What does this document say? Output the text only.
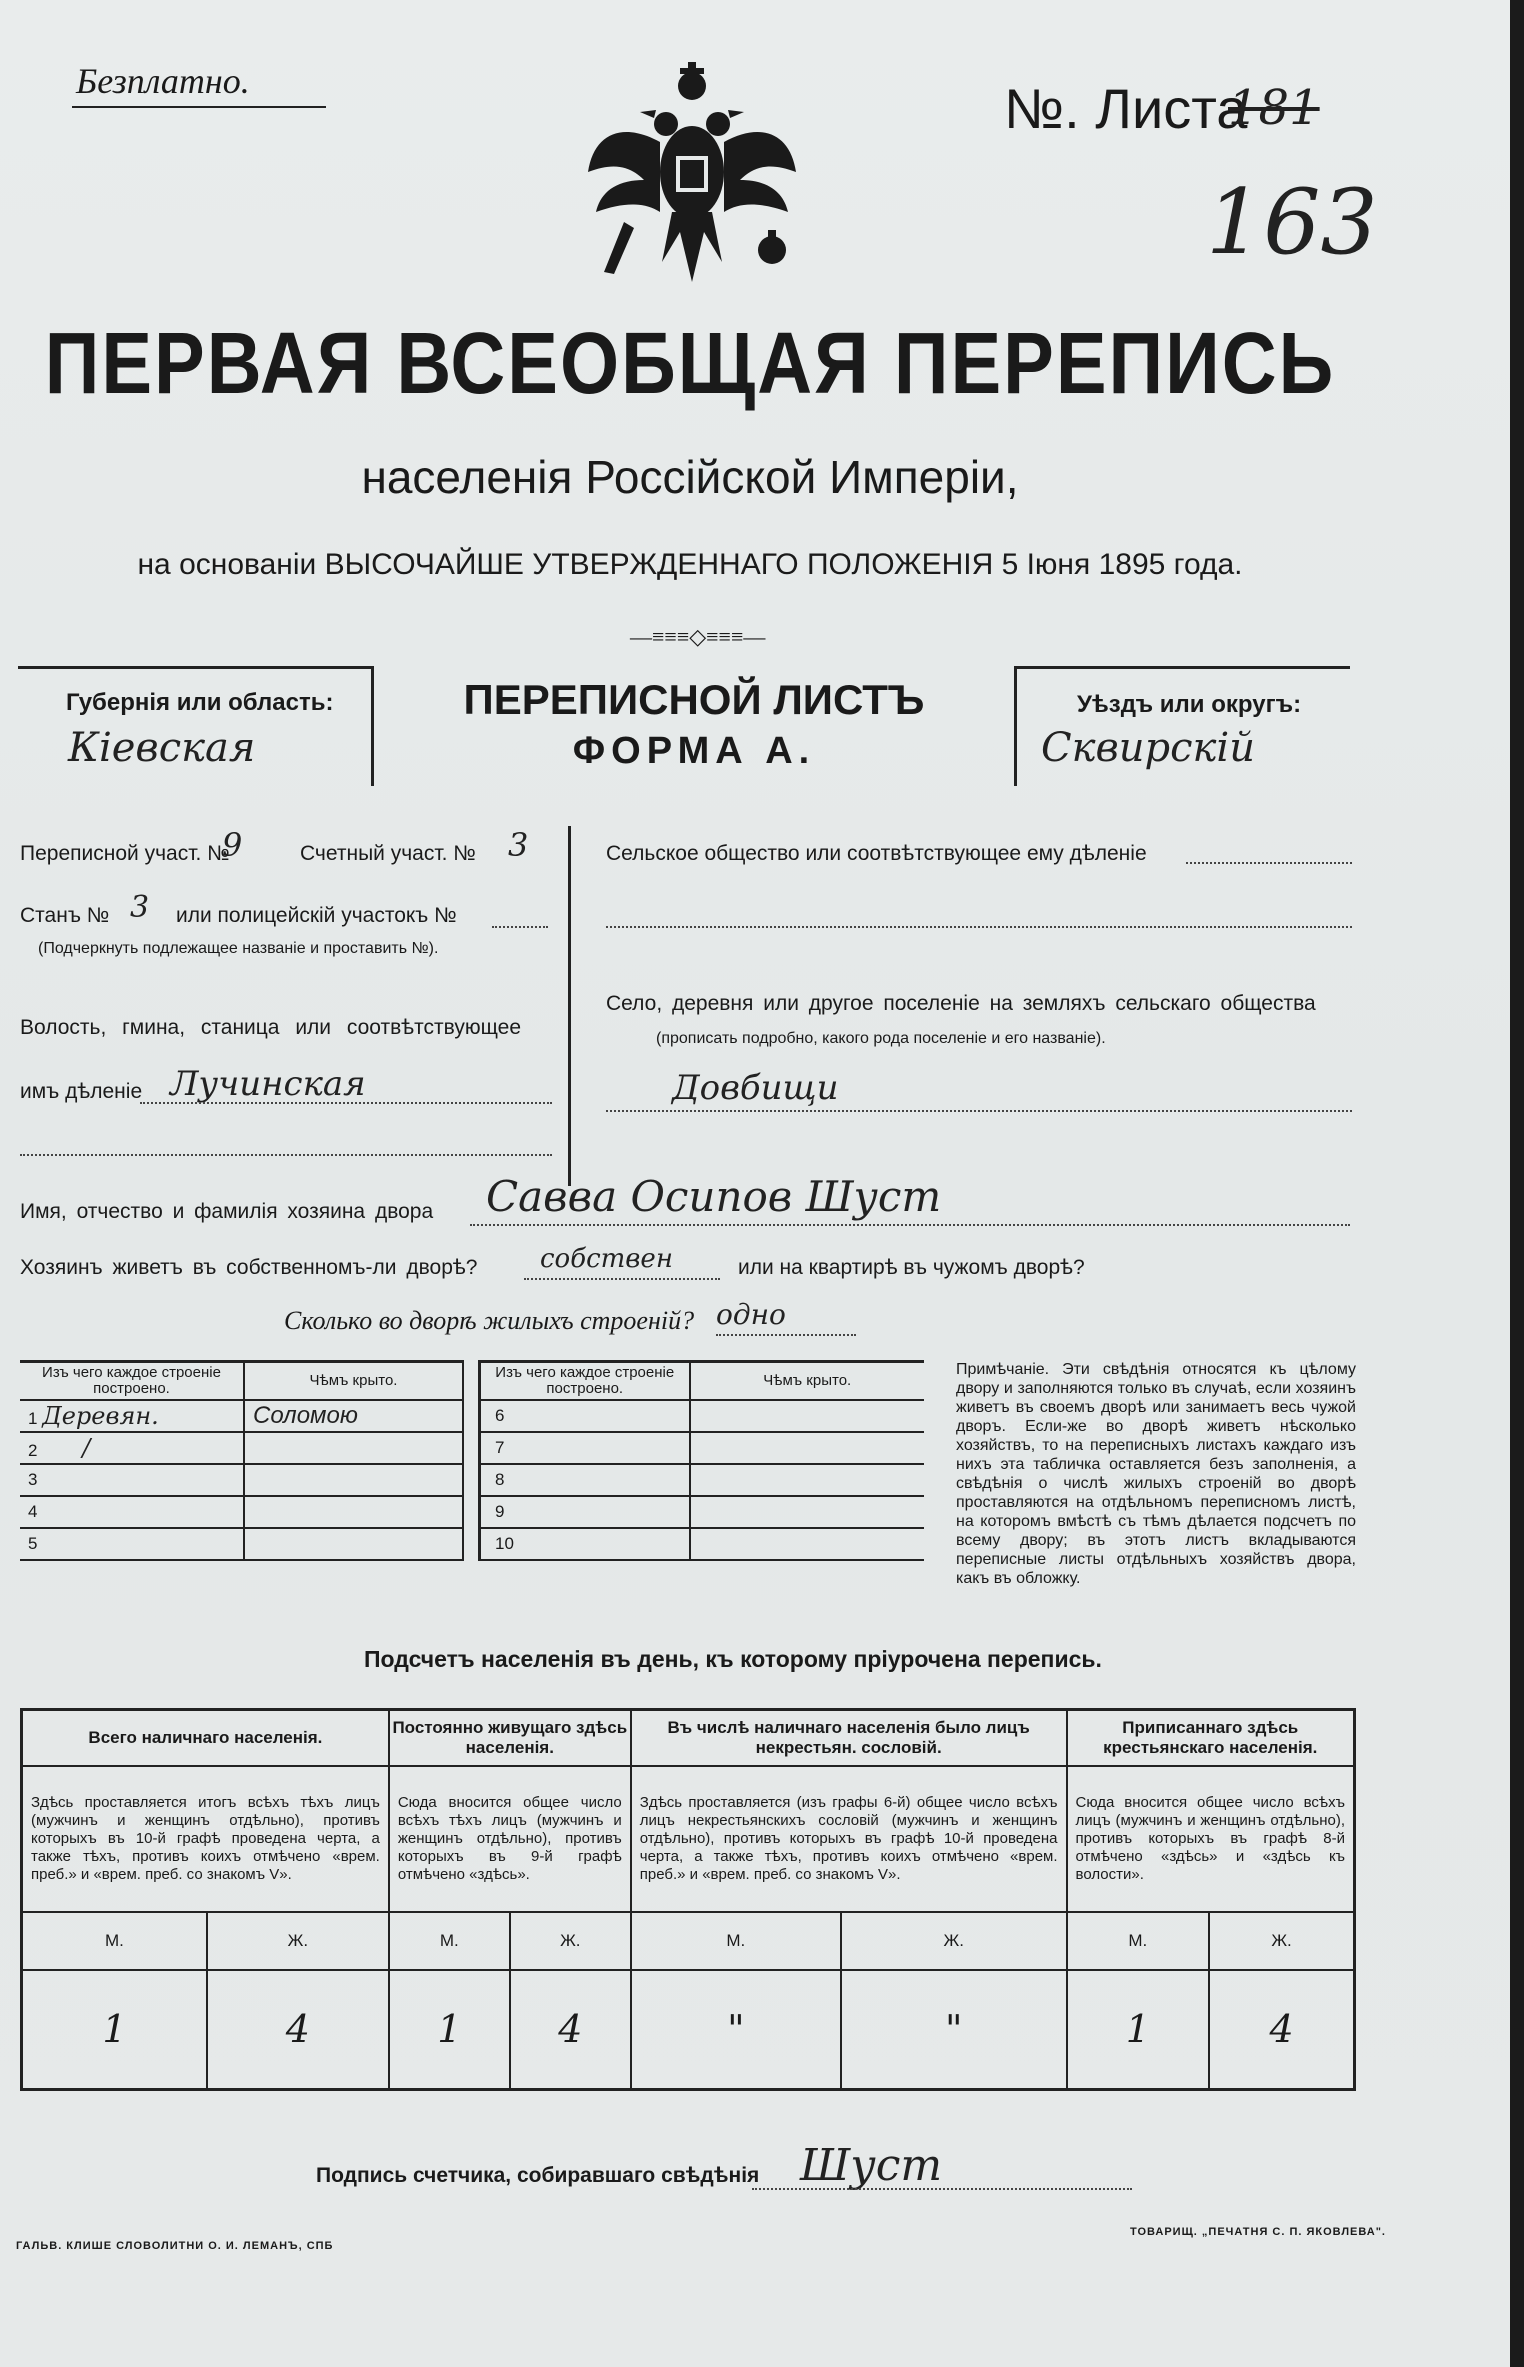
Безплатно.	№. Листа
181
163
ПЕРВАЯ ВСЕОБЩАЯ ПЕРЕПИСЬ
населенія Россійской Имперіи,
на основаніи ВЫСОЧАЙШЕ УТВЕРЖДЕННАГО ПОЛОЖЕНІЯ 5 Іюня 1895 года.
—≡≡≡◇≡≡≡—
Губернія или область:
Кіевская
ПЕРЕПИСНОЙ ЛИСТЪ
ФОРМА А.
Уѣздъ или округъ:
Сквирскій
Переписной участ. №
9	Счетный участ. № 3
Станъ № 3 или полицейскій участокъ №
(Подчеркнуть подлежащее названіе и проставить №).
Волость, гмина, станица или соотвѣтствующее
имъ дѣленіе Лучинская
Сельское общество или соотвѣтствующее ему дѣленіе
Село, деревня или другое поселеніе на земляхъ сельскаго общества
(прописать подробно, какого рода поселеніе и его названіе).
Довбищи
Имя, отчество и фамилія хозяина двора Савва Осипов Шуст
Хозяинъ живетъ въ собственномъ-ли дворѣ? собствен	или на квартирѣ въ чужомъ дворѣ?
Сколько во дворѣ жилыхъ строеній? одно
Изъ чего каждое строеніе построено.	Чѣмъ крыто.
1 Деревян.	Соломою
2 /	
3	
4	
5	
Изъ чего каждое строеніе построено.	Чѣмъ крыто.
6	
7	
8	
9	
10	
Примѣчаніе. Эти свѣдѣнія относятся къ цѣлому двору и заполняются только въ случаѣ, если хозяинъ живетъ въ своемъ дворѣ или занимаетъ весь чужой дворъ. Если-же во дворѣ живетъ нѣсколько хозяйствъ, то на переписныхъ листахъ каждаго изъ нихъ эта табличка оставляется безъ заполненія, а свѣдѣнія о числѣ жилыхъ строеній во дворѣ проставляются на отдѣльномъ переписномъ листѣ, на которомъ вмѣстѣ съ тѣмъ дѣлается подсчетъ по всему двору; въ этотъ листъ вкладываются переписные листы отдѣльныхъ хозяйствъ двора, какъ въ обложку.
Подсчетъ населенія въ день, къ которому пріурочена перепись.
Всего наличнаго населенія.		Постоянно живущаго здѣсь населенія.		Въ числѣ наличнаго населенія было лицъ некрестьян. сословій.		Приписаннаго здѣсь крестьянскаго населенія.	
Здѣсь проставляется итогъ всѣхъ тѣхъ лицъ (мужчинъ и женщинъ отдѣльно), противъ которыхъ въ 10-й графѣ проведена черта, а также тѣхъ, противъ коихъ отмѣчено «врем. преб.» и «врем. преб. со знакомъ V».		Сюда вносится общее число всѣхъ тѣхъ лицъ (мужчинъ и женщинъ отдѣльно), противъ которыхъ въ 9-й графѣ отмѣчено «здѣсь».		Здѣсь проставляется (изъ графы 6-й) общее число всѣхъ лицъ некрестьянскихъ сословій (мужчинъ и женщинъ отдѣльно), противъ которыхъ въ графѣ 10-й проведена черта, а также тѣхъ, противъ коихъ отмѣчено «врем. преб.» и «врем. преб. со знакомъ V».		Сюда вносится общее число всѣхъ лицъ (мужчинъ и женщинъ отдѣльно), противъ которыхъ въ графѣ 8-й отмѣчено «здѣсь» и «здѣсь къ волости».	
М.	Ж.	М.	Ж.	М.	Ж.	М.	Ж.
1	4	1	4	"	"	1	4
Подпись счетчика, собиравшаго свѣдѣнія Шуст
ГАЛЬВ. КЛИШЕ СЛОВОЛИТНИ О. И. ЛЕМАНЪ, СПБ
ТОВАРИЩ. „ПЕЧАТНЯ С. П. ЯКОВЛЕВА".
